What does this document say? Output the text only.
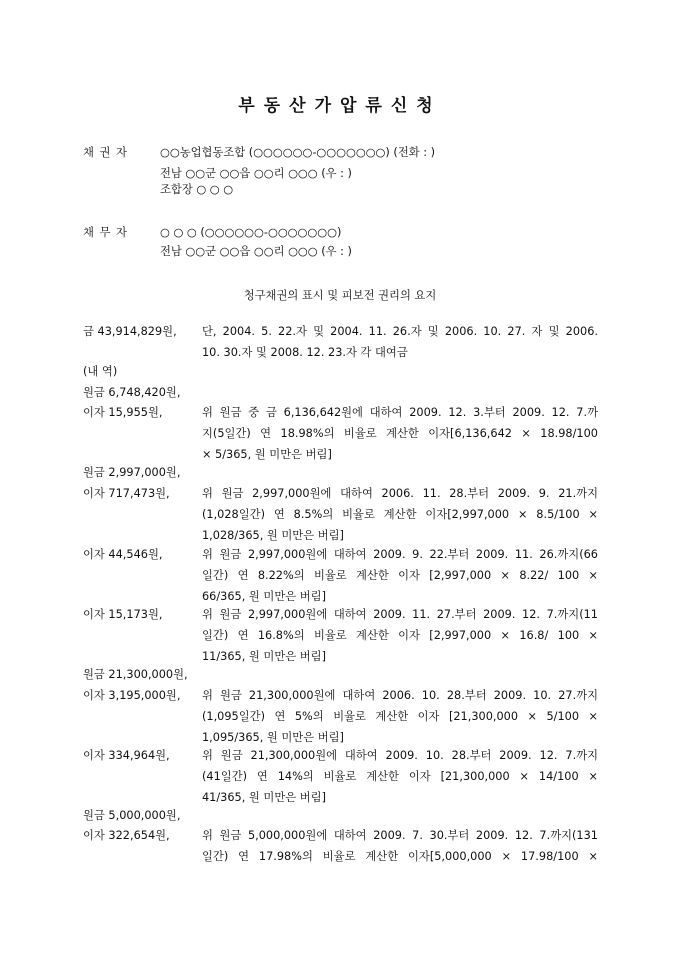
부동산가압류신청
채 권 자	○○농업협동조합 (○○○○○○-○○○○○○○) (전화 : )
전남 ○○군 ○○읍 ○○리 ○○○ (우 : )
조합장 ○ ○ ○
채 무 자	○ ○ ○ (○○○○○○-○○○○○○○)
전남 ○○군 ○○읍 ○○리 ○○○ (우 : )
청구채권의 표시 및 피보전 권리의 요지
금 43,914,829원, 단, 2004. 5. 22.자 및 2004. 11. 26.자 및 2006. 10. 27. 자 및 2006.
10. 30.자 및 2008. 12. 23.자 각 대여금
(내 역)
원금 6,748,420원,
이자 15,955원,	위 원금 중 금 6,136,642원에 대하여 2009. 12. 3.부터 2009. 12. 7.까
지(5일간) 연 18.98%의 비율로 계산한 이자[6,136,642 × 18.98/100
× 5/365, 원 미만은 버림]
원금 2,997,000원,
이자 717,473원,	위 원금 2,997,000원에 대하여 2006. 11. 28.부터 2009. 9. 21.까지
(1,028일간) 연 8.5%의 비율로 계산한 이자[2,997,000 × 8.5/100 ×
1,028/365, 원 미만은 버림]
이자 44,546원,	위 원금 2,997,000원에 대하여 2009. 9. 22.부터 2009. 11. 26.까지(66
일간) 연 8.22%의 비율로 계산한 이자 [2,997,000 × 8.22/ 100 ×
66/365, 원 미만은 버림]
이자 15,173원,	위 원금 2,997,000원에 대하여 2009. 11. 27.부터 2009. 12. 7.까지(11
일간) 연 16.8%의 비율로 계산한 이자 [2,997,000 × 16.8/ 100 ×
11/365, 원 미만은 버림]
원금 21,300,000원,
이자 3,195,000원, 위 원금 21,300,000원에 대하여 2006. 10. 28.부터 2009. 10. 27.까지
(1,095일간) 연 5%의 비율로 계산한 이자 [21,300,000 × 5/100 ×
1,095/365, 원 미만은 버림]
이자 334,964원,	위 원금 21,300,000원에 대하여 2009. 10. 28.부터 2009. 12. 7.까지
(41일간) 연 14%의 비율로 계산한 이자 [21,300,000 × 14/100 ×
41/365, 원 미만은 버림]
원금 5,000,000원,
이자 322,654원,	위 원금 5,000,000원에 대하여 2009. 7. 30.부터 2009. 12. 7.까지(131
일간) 연 17.98%의 비율로 계산한 이자[5,000,000 × 17.98/100 ×
